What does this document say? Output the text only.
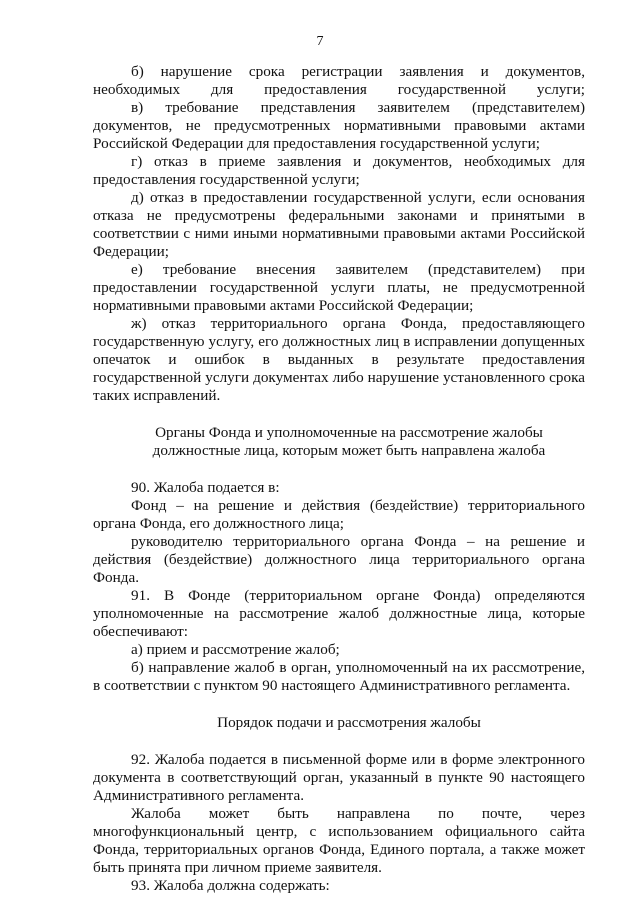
7

б) нарушение срока регистрации заявления и документов, необходимых для предоставления государственной услуги;

в) требование представления заявителем (представителем) документов, не предусмотренных нормативными правовыми актами Российской Федерации для предоставления государственной услуги;

г) отказ в приеме заявления и документов, необходимых для предоставления государственной услуги;

д) отказ в предоставлении государственной услуги, если основания отказа не предусмотрены федеральными законами и принятыми в соответствии с ними иными нормативными правовыми актами Российской Федерации;

е) требование внесения заявителем (представителем) при предоставлении государственной услуги платы, не предусмотренной нормативными правовыми актами Российской Федерации;

ж) отказ территориального органа Фонда, предоставляющего государственную услугу, его должностных лиц в исправлении допущенных опечаток и ошибок в выданных в результате предоставления государственной услуги документах либо нарушение установленного срока таких исправлений.

Органы Фонда и уполномоченные на рассмотрение жалобы
должностные лица, которым может быть направлена жалоба

90. Жалоба подается в:

Фонд – на решение и действия (бездействие) территориального органа Фонда, его должностного лица;

руководителю территориального органа Фонда – на решение и действия (бездействие) должностного лица территориального органа Фонда.

91. В Фонде (территориальном органе Фонда) определяются уполномоченные на рассмотрение жалоб должностные лица, которые обеспечивают:

а) прием и рассмотрение жалоб;

б) направление жалоб в орган, уполномоченный на их рассмотрение, в соответствии с пунктом 90 настоящего Административного регламента.

Порядок подачи и рассмотрения жалобы

92. Жалоба подается в письменной форме или в форме электронного документа в соответствующий орган, указанный в пункте 90 настоящего Административного регламента.

Жалоба может быть направлена по почте, через многофункциональный центр, с использованием официального сайта Фонда, территориальных органов Фонда, Единого портала, а также может быть принята при личном приеме заявителя.

93. Жалоба должна содержать:
